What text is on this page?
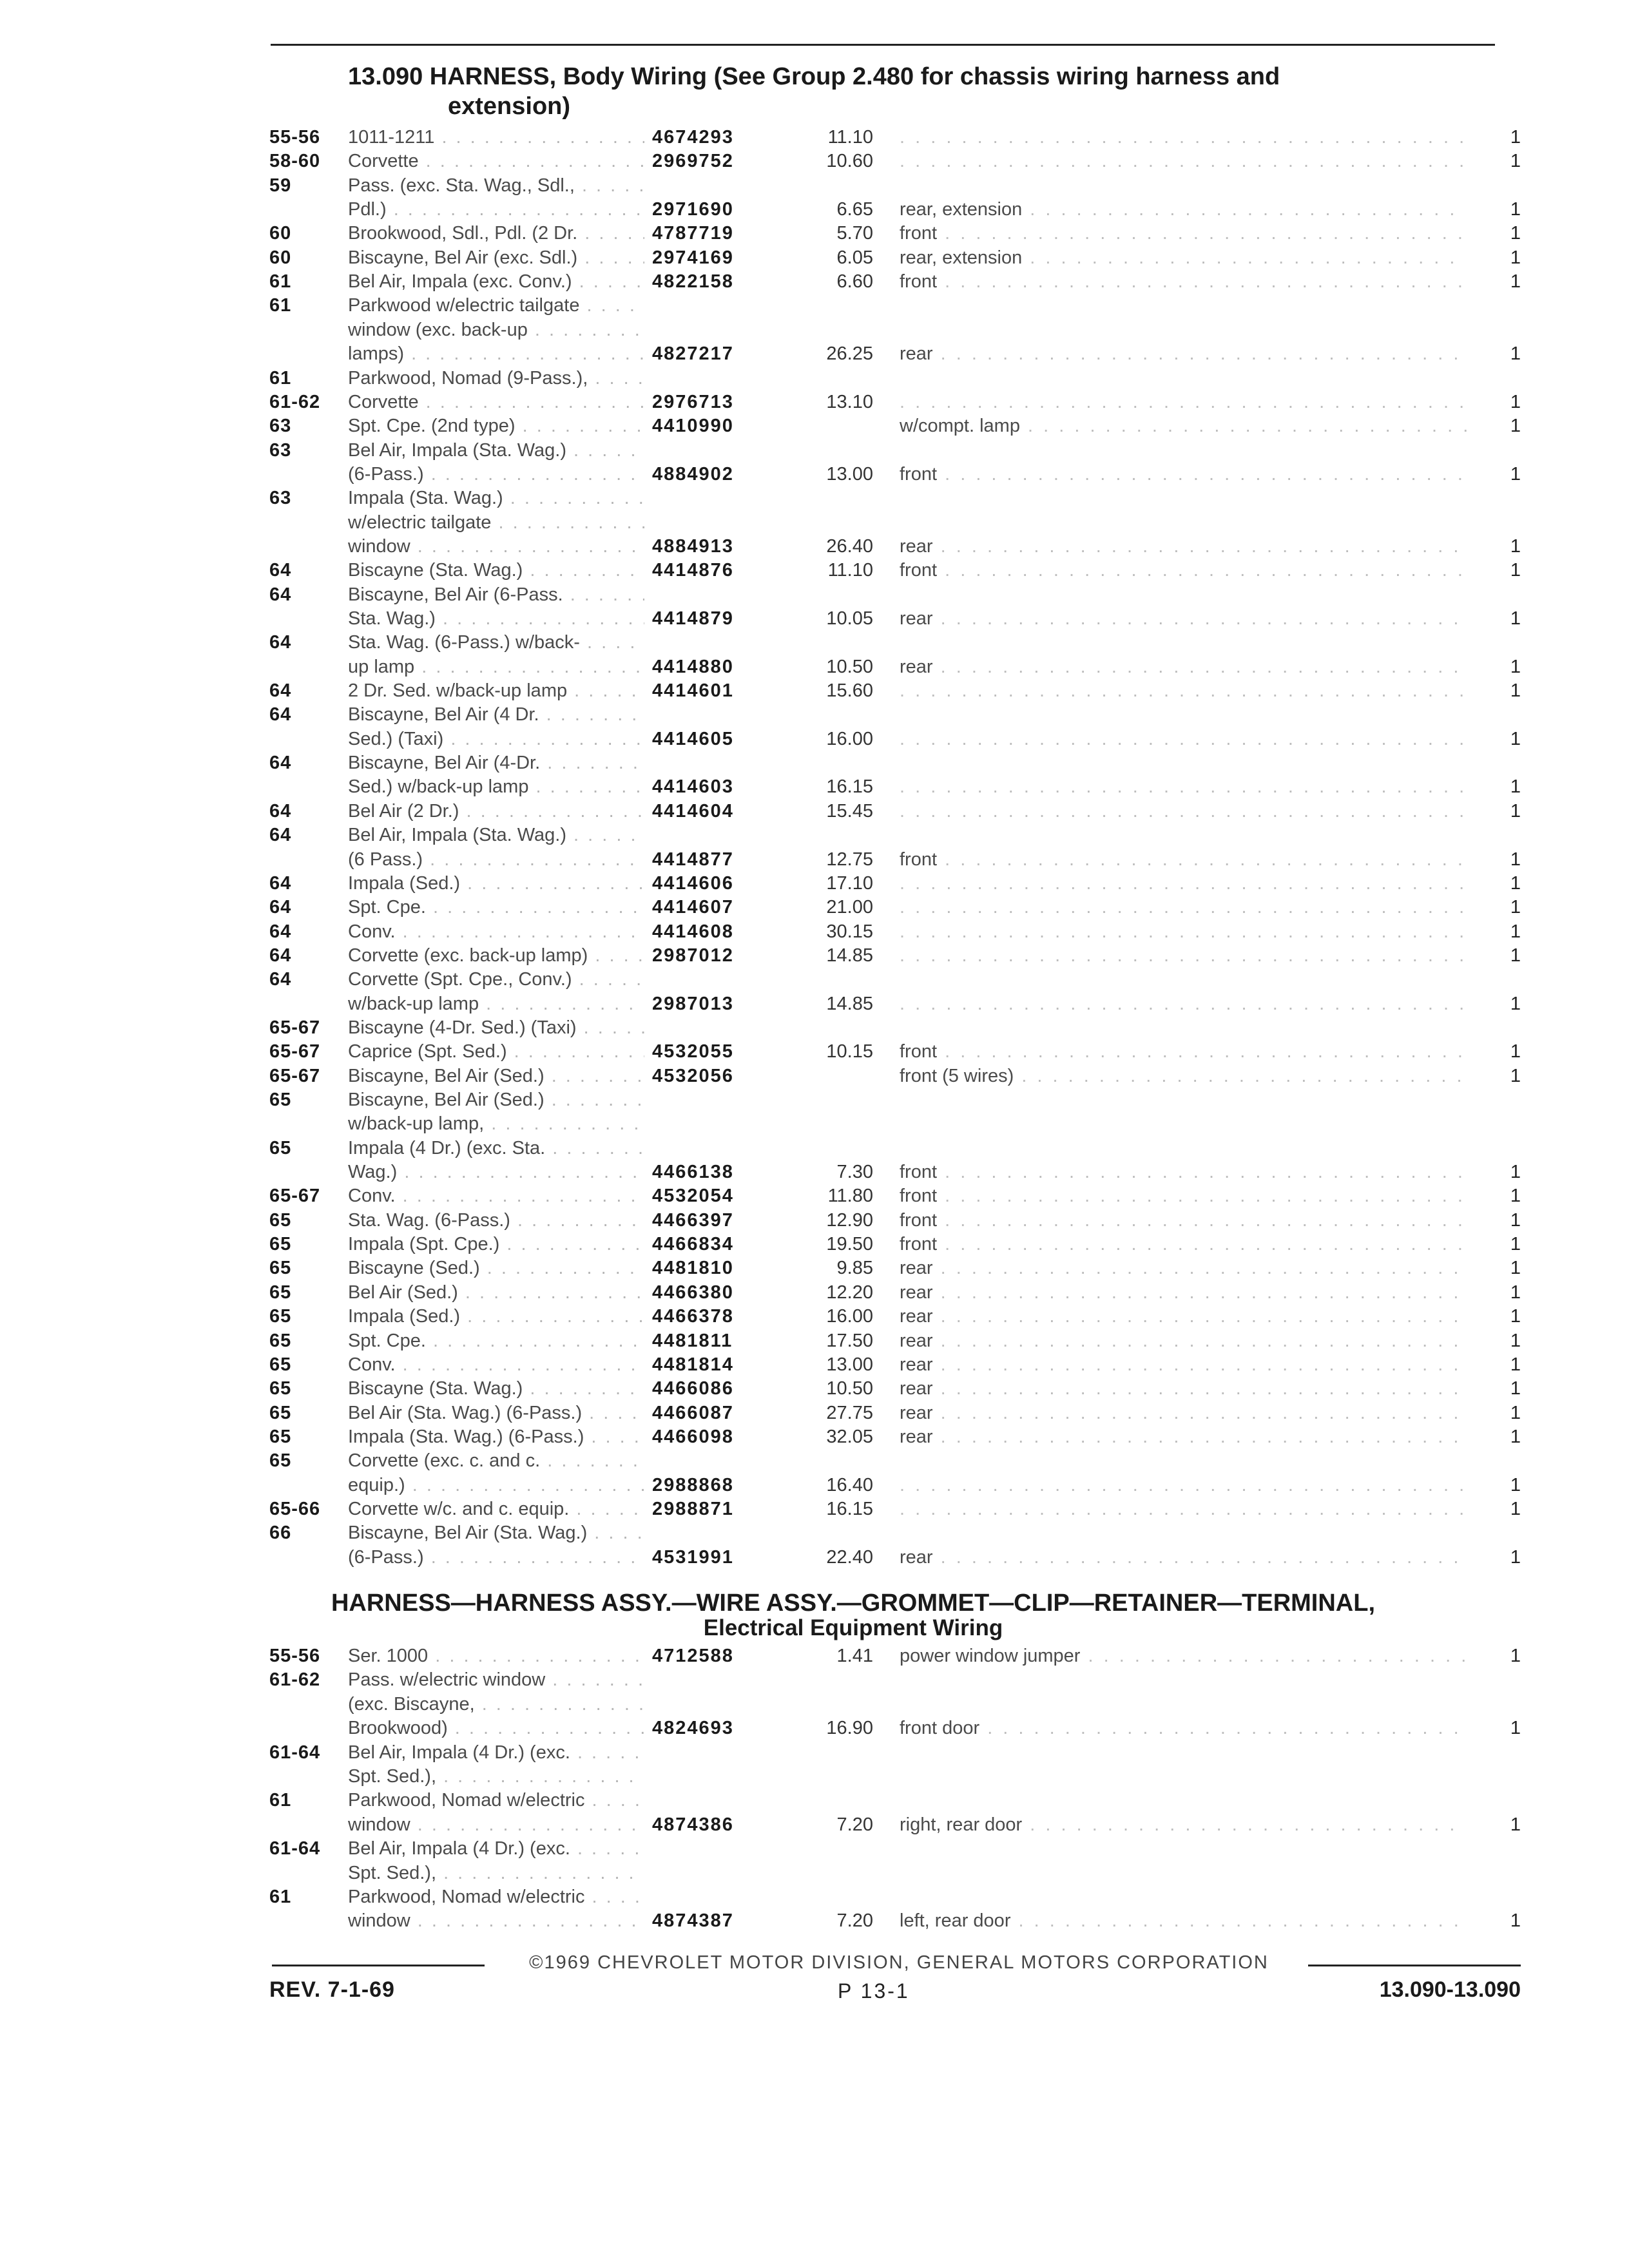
13.090 HARNESS, Body Wiring (See Group 2.480 for chassis wiring harness and
extension)
55-56 1011-1211 . . .	4674293	11.10 . . .	1
58-60 Corvette . . .	2969752	10.60 . . .	1
59	Pass. (exc. Sta. Wag., Sdl., . . .
Pdl.) . . .	2971690	6.65 rear, extension . . .	1
60	Brookwood, Sdl., Pdl. (2 Dr. . . .	4787719	5.70 front . . .	1
60	Biscayne, Bel Air (exc. Sdl.) . . .	2974169	6.05 rear, extension . . .	1
61	Bel Air, Impala (exc. Conv.) . . .	4822158	6.60 front . . .	1
61	Parkwood w/electric tailgate . . .
window (exc. back-up . . .
lamps) . . .	4827217	26.25 rear . . .	1
61	Parkwood, Nomad (9-Pass.), . . .
61-62 Corvette . . .	2976713	13.10 . . .	1
63	Spt. Cpe. (2nd type) . . .	4410990	w/compt. lamp . . .	1
63	Bel Air, Impala (Sta. Wag.) . . .
(6-Pass.) . . .	4884902	13.00 front . . .	1
63	Impala (Sta. Wag.) . . .
w/electric tailgate . . .
window . . .	4884913	26.40 rear . . .	1
64	Biscayne (Sta. Wag.) . . .	4414876	11.10 front . . .	1
64	Biscayne, Bel Air (6-Pass. . . .
Sta. Wag.) . . .	4414879	10.05 rear . . .	1
64	Sta. Wag. (6-Pass.) w/back- . . .
up lamp . . .	4414880	10.50 rear . . .	1
64	2 Dr. Sed. w/back-up lamp . . .	4414601	15.60 . . .	1
64	Biscayne, Bel Air (4 Dr. . . .
Sed.) (Taxi) . . .	4414605	16.00 . . .	1
64	Biscayne, Bel Air (4-Dr. . . .
Sed.) w/back-up lamp . . .	4414603	16.15 . . .	1
64	Bel Air (2 Dr.) . . .	4414604	15.45 . . .	1
64	Bel Air, Impala (Sta. Wag.) . . .
(6 Pass.) . . .	4414877	12.75 front . . .	1
64	Impala (Sed.) . . .	4414606	17.10 . . .	1
64	Spt. Cpe. . . .	4414607	21.00 . . .	1
64	Conv. . . .	4414608	30.15 . . .	1
64	Corvette (exc. back-up lamp) . . .	2987012	14.85 . . .	1
64	Corvette (Spt. Cpe., Conv.) . . .
w/back-up lamp . . .	2987013	14.85 . . .	1
65-67 Biscayne (4-Dr. Sed.) (Taxi) . . .
65-67 Caprice (Spt. Sed.) . . .	4532055	10.15 front . . .	1
65-67 Biscayne, Bel Air (Sed.) . . .	4532056	front (5 wires) . . .	1
65	Biscayne, Bel Air (Sed.) . . .
w/back-up lamp, . . .
65	Impala (4 Dr.) (exc. Sta. . . .
Wag.) . . .	4466138	7.30 front . . .	1
65-67 Conv. . . .	4532054	11.80 front . . .	1
65	Sta. Wag. (6-Pass.) . . .	4466397	12.90 front . . .	1
65	Impala (Spt. Cpe.) . . .	4466834	19.50 front . . .	1
65	Biscayne (Sed.) . . .	4481810	9.85 rear . . .	1
65	Bel Air (Sed.) . . .	4466380	12.20 rear . . .	1
65	Impala (Sed.) . . .	4466378	16.00 rear . . .	1
65	Spt. Cpe. . . .	4481811	17.50 rear . . .	1
65	Conv. . . .	4481814	13.00 rear . . .	1
65	Biscayne (Sta. Wag.) . . .	4466086	10.50 rear . . .	1
65	Bel Air (Sta. Wag.) (6-Pass.) . . .	4466087	27.75 rear . . .	1
65	Impala (Sta. Wag.) (6-Pass.) . . .	4466098	32.05 rear . . .	1
65	Corvette (exc. c. and c. . . .
equip.) . . .	2988868	16.40 . . .	1
65-66 Corvette w/c. and c. equip. . . .	2988871	16.15 . . .	1
66	Biscayne, Bel Air (Sta. Wag.) . . .
(6-Pass.) . . .	4531991	22.40 rear . . .	1
HARNESS—HARNESS ASSY.—WIRE ASSY.—GROMMET—CLIP—RETAINER—TERMINAL,
Electrical Equipment Wiring
55-56 Ser. 1000 . . .	4712588	1.41 power window jumper . . .	1
61-62 Pass. w/electric window . . .
(exc. Biscayne, . . .
Brookwood) . . .	4824693	16.90 front door . . .	1
61-64 Bel Air, Impala (4 Dr.) (exc. . . .
Spt. Sed.), . . .
61	Parkwood, Nomad w/electric . . .
window . . .	4874386	7.20 right, rear door . . .	1
61-64 Bel Air, Impala (4 Dr.) (exc. . . .
Spt. Sed.), . . .
61	Parkwood, Nomad w/electric . . .
window . . .	4874387	7.20 left, rear door . . .	1
©1969 CHEVROLET MOTOR DIVISION, GENERAL MOTORS CORPORATION
REV. 7-1-69	P 13-1	13.090-13.090
